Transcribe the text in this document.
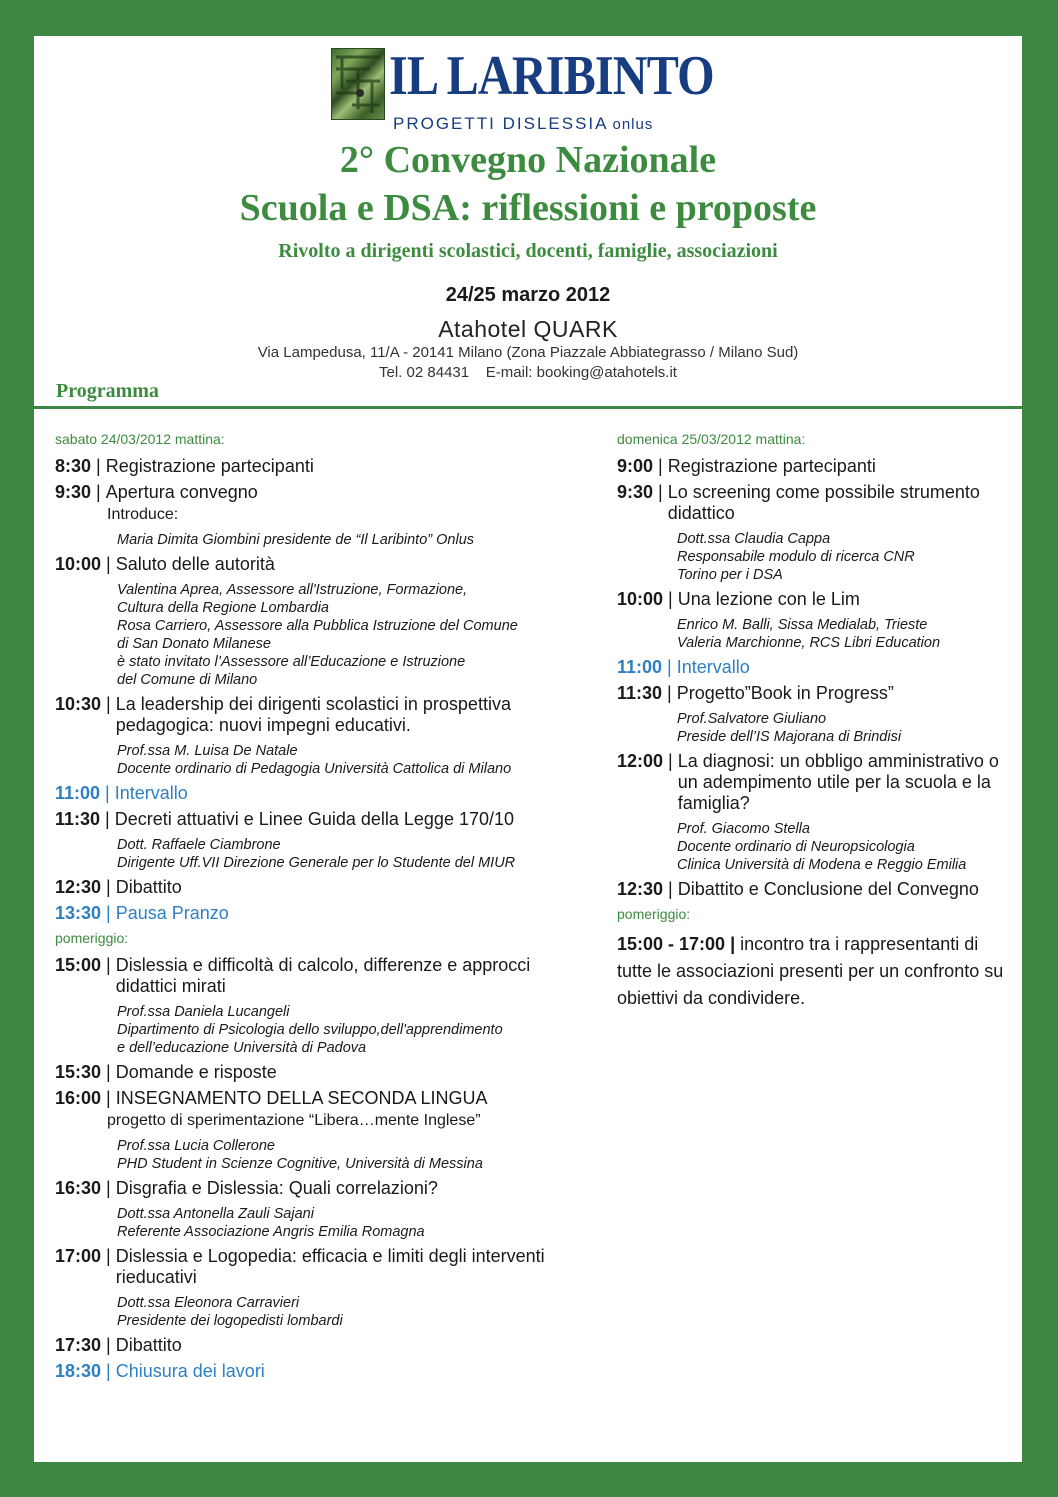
IL LARIBINTO
PROGETTI DISLESSIA onlus
2° Convegno Nazionale
Scuola e DSA: riflessioni e proposte
Rivolto a dirigenti scolastici, docenti, famiglie, associazioni
24/25 marzo 2012
Atahotel QUARK
Via Lampedusa, 11/A - 20141 Milano (Zona Piazzale Abbiategrasso / Milano Sud)
Tel. 02 84431    E-mail: booking@atahotels.it
Programma
sabato 24/03/2012 mattina:
8:30 | Registrazione partecipanti
9:30 | Apertura convegno
Introduce:
Maria Dimita Giombini presidente de “Il Laribinto” Onlus
10:00 | Saluto delle autorità
Valentina Aprea, Assessore all'Istruzione, Formazione,
Cultura della Regione Lombardia
Rosa Carriero, Assessore alla Pubblica Istruzione del Comune
di San Donato Milanese
è stato invitato l’Assessore all’Educazione e Istruzione
del Comune di Milano
10:30 | La leadership dei dirigenti scolastici in prospettiva pedagogica: nuovi impegni educativi.
Prof.ssa M. Luisa De Natale
Docente ordinario di Pedagogia Università Cattolica di Milano
11:00 | Intervallo
11:30 | Decreti attuativi e Linee Guida della Legge 170/10
Dott. Raffaele Ciambrone
Dirigente Uff.VII Direzione Generale per lo Studente del MIUR
12:30 | Dibattito
13:30 | Pausa Pranzo
pomeriggio:
15:00 | Dislessia e difficoltà di calcolo, differenze e approcci didattici mirati
Prof.ssa Daniela Lucangeli
Dipartimento di Psicologia dello sviluppo,dell'apprendimento
e dell’educazione Università di Padova
15:30 | Domande e risposte
16:00 | INSEGNAMENTO DELLA SECONDA LINGUA
progetto di sperimentazione “Libera…mente Inglese”
Prof.ssa Lucia Collerone
PHD Student in Scienze Cognitive, Università di Messina
16:30 | Disgrafia e Dislessia: Quali correlazioni?
Dott.ssa Antonella Zauli Sajani
Referente Associazione Angris Emilia Romagna
17:00 | Dislessia e Logopedia: efficacia e limiti degli interventi rieducativi
Dott.ssa Eleonora Carravieri
Presidente dei logopedisti lombardi
17:30 | Dibattito
18:30 | Chiusura dei lavori
domenica 25/03/2012 mattina:
9:00 | Registrazione partecipanti
9:30 | Lo screening come possibile strumento didattico
Dott.ssa Claudia Cappa
Responsabile modulo di ricerca CNR
Torino per i DSA
10:00 | Una lezione con le Lim
Enrico M. Balli, Sissa Medialab, Trieste
Valeria Marchionne, RCS Libri Education
11:00 | Intervallo
11:30 | Progetto”Book in Progress”
Prof.Salvatore Giuliano
Preside dell’IS Majorana di Brindisi
12:00 | La diagnosi: un obbligo amministrativo o un adempimento utile per la scuola e la famiglia?
Prof. Giacomo Stella
Docente ordinario di Neuropsicologia
Clinica Università di Modena e Reggio Emilia
12:30 | Dibattito e Conclusione del Convegno
pomeriggio:
15:00 - 17:00 | incontro tra i rappresentanti di tutte le associazioni presenti per un confronto su obiettivi da condividere.
